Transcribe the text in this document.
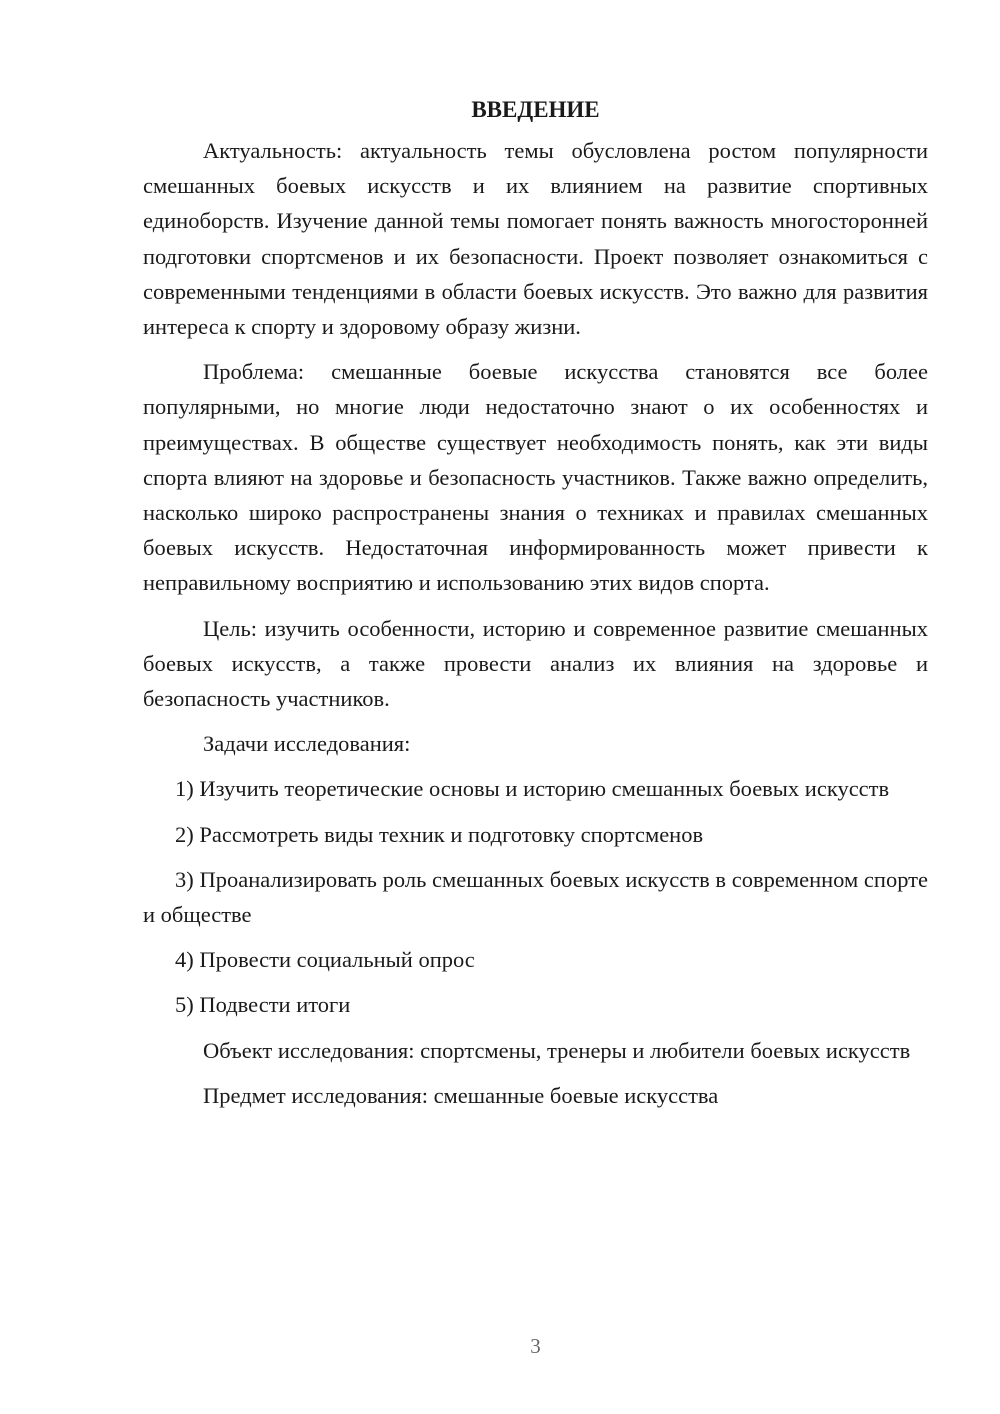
ВВЕДЕНИЕ

Актуальность: актуальность темы обусловлена ростом популярности смешанных боевых искусств и их влиянием на развитие спортивных единоборств. Изучение данной темы помогает понять важность многосторонней подготовки спортсменов и их безопасности. Проект позволяет ознакомиться с современными тенденциями в области боевых искусств. Это важно для развития интереса к спорту и здоровому образу жизни.

Проблема: смешанные боевые искусства становятся все более популярными, но многие люди недостаточно знают о их особенностях и преимуществах. В обществе существует необходимость понять, как эти виды спорта влияют на здоровье и безопасность участников. Также важно определить, насколько широко распространены знания о техниках и правилах смешанных боевых искусств. Недостаточная информированность может привести к неправильному восприятию и использованию этих видов спорта.

Цель: изучить особенности, историю и современное развитие смешанных боевых искусств, а также провести анализ их влияния на здоровье и безопасность участников.

Задачи исследования:

1) Изучить теоретические основы и историю смешанных боевых искусств

2) Рассмотреть виды техник и подготовку спортсменов

3) Проанализировать роль смешанных боевых искусств в современном спорте и обществе

4) Провести социальный опрос

5) Подвести итоги

Объект исследования: спортсмены, тренеры и любители боевых искусств

Предмет исследования: смешанные боевые искусства

3
